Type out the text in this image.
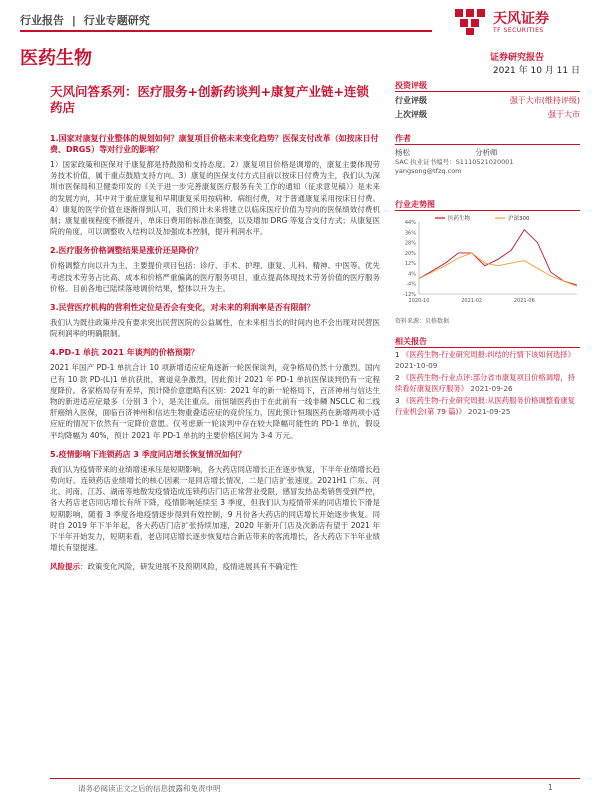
行业报告 | 行业专题研究	天风证券
TF SECURITIES
医药生物	证券研究报告
2021 年 10 月 11 日
天风问答系列：医疗服务+创新药谈判+康复产业链+连锁药店
投资评级
行业评级	强于大市(维持评级)
上次评级	强于大市
作者
杨松	分析师
SAC 执业证书编号：S1110521020001
yangsong@tfzq.com
行业走势图
-12%
-4%
4%
12%
20%
28%
36%
44%
2020-10	2021-02	2021-06
医药生物	沪深300
资料来源：贝格数据
相关报告
1 《医药生物-行业研究周报:纠结的行情下该如何选择》 2021-10-09
2 《医药生物-行业点评:部分省市康复项目价格调增，持续看好康复医疗服务》 2021-09-26
3 《医药生物-行业研究周报:从医药服务价格调整看康复行业机会(第 79 篇)》 2021-09-25
1.国家对康复行业整体的规划如何？康复项目价格未来变化趋势？医保支付改革（如按床日付费、DRGS）等对行业的影响？
1）国家政策和医保对于康复都是持鼓励和支持态度。2）康复项目价格是调增的，康复主要体现劳务技术价值，属于重点鼓励支持方向。3）康复的医保支付方式目前以按床日付费为主，我们认为深圳市医保局和卫健委印发的《关于进一步完善康复医疗服务有关工作的通知（征求意见稿）》是未来的发展方向，其中对于重症康复和早期康复采用按病种、病组付费，对于普通康复采用按床日付费。4）康复的医学价值在逐渐得到认可，我们预计未来将建立以临床医疗价值为导向的医保绩效付费机制；康复重视程度不断提升，单床日费用的标准在调整，以及增加 DRG 等复合支付方式；从康复医院的角度，可以调整收入结构以及加强成本控制，提升利润水平。
2.医疗服务价格调整结果是涨价还是降价？
价格调整方向以升为主，主要提价项目包括：诊疗、手术、护理、康复、儿科、精神、中医等。优先考虑技术劳务占比高、成本和价格严重偏离的医疗服务项目，重点提高体现技术劳务价值的医疗服务价格。目前各地已陆续落地调价结果，整体以升为主。
3.民营医疗机构的营利性定位是否会有变化，对未来的利润率是否有限制？
我们认为既往政策并没有要求突出民营医院的公益属性，在未来相当长的时间内也不会出现对民营医院利润率的明确限制。
4.PD-1 单抗 2021 年谈判的价格预期？
2021 年国产 PD-1 单抗合计 10 项新增适应症角逐新一轮医保谈判，竞争格局仍然十分激烈。国内已有 10 款 PD-(L)1 单抗获批，赛道竞争激烈，因此预计 2021 年 PD-1 单抗医保谈判仍有一定程度降价。各家格局存有差异，预计降价意愿略有区别：2021 年的新一轮格局下，百济神州与信达生物的新进适应症最多（分别 3 个），是关注重点。而恒瑞医药由于在此前有一线非鳞 NSCLC 和二线肝癌纳入医保，面临百济神州和信达生物重叠适应症的竞价压力，因此预计恒瑞医药在新增两项小适应症的情况下依然有一定降价意愿。仅考虑新一轮谈判中存在较大降幅可能性的 PD-1 单抗，假设平均降幅为 40%，预计 2021 年 PD-1 单抗的主要价格区间为 3-4 万元。
5.疫情影响下连锁药店 3 季度同店增长恢复情况如何？
我们认为疫情带来的业绩增速承压是短期影响，各大药店同店增长正在逐步恢复，下半年业绩增长趋势向好。连锁药店业绩增长的核心因素一是同店增长情况，二是门店扩张速度。2021H1 广东、河北、河南、江苏、湖南等地散发疫情造成连锁药店门店正常营业受限，感冒发热品类销售受到严控，各大药店老店同店增长有所下降，疫情影响延续至 3 季度，但我们认为疫情带来的同店增长下滑是短期影响，随着 3 季度各地疫情逐步得到有效控制，9 月份各大药店的同店增长开始逐步恢复。同时自 2019 年下半年起，各大药店门店扩张持续加速，2020 年新开门店及次新店有望于 2021 年下半年开始发力，短期来看，老店同店增长逐步恢复结合新店带来的客流增长，各大药店下半年业绩增长有望提速。
风险提示：政策变化风险，研发进展不及预期风险，疫情进展具有不确定性
请务必阅读正文之后的信息披露和免责申明	1
